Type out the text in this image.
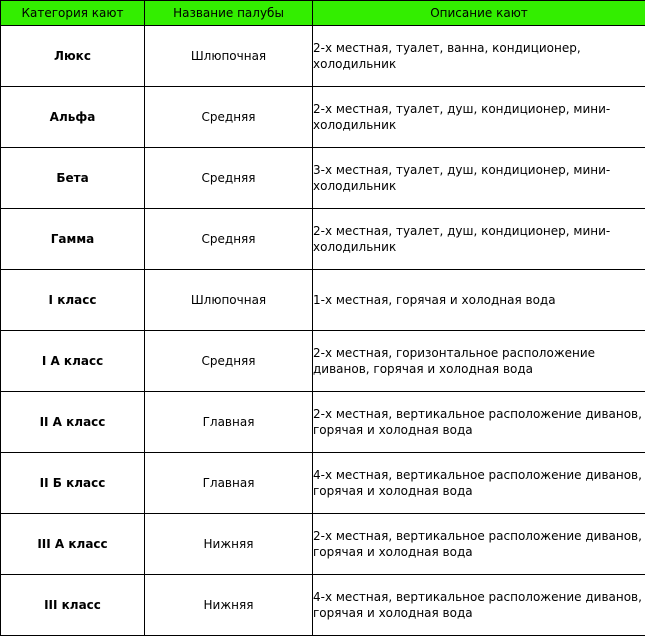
Категория кают	Название палубы	Описание кают
Люкс	Шлюпочная	2-х местная, туалет, ванна, кондиционер, холодильник
Альфа	Средняя	2-х местная, туалет, душ, кондиционер, мини-холодильник
Бета	Средняя	3-х местная, туалет, душ, кондиционер, мини-холодильник
Гамма	Средняя	2-х местная, туалет, душ, кондиционер, мини-холодильник
I класс	Шлюпочная	1-х местная, горячая и холодная вода
I А класс	Средняя	2-х местная, горизонтальное расположение диванов, горячая и холодная вода
II А класс	Главная	2-х местная, вертикальное расположение диванов, горячая и холодная вода
II Б класс	Главная	4-х местная, вертикальное расположение диванов, горячая и холодная вода
III А класс	Нижняя	2-х местная, вертикальное расположение диванов, горячая и холодная вода
III класс	Нижняя	4-х местная, вертикальное расположение диванов, горячая и холодная вода
